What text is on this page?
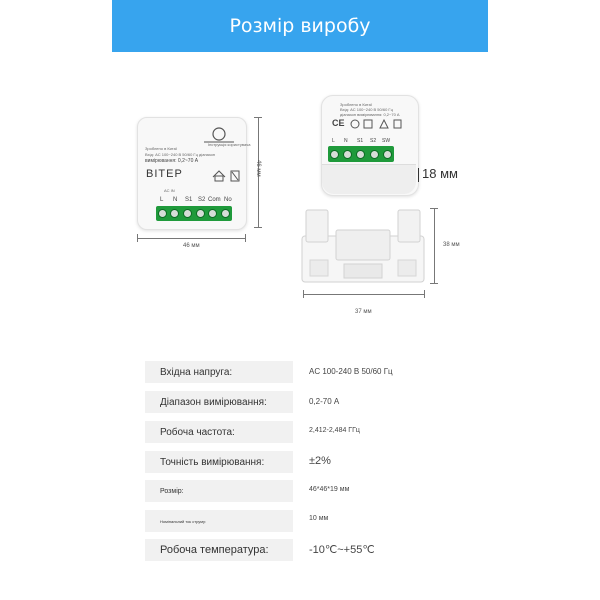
Розмір виробу
Зроблено в Китаї
Вхід: AC 100~240 В 50/60 Гц діапазон
вимірювання: 0,2~70 А
BITEP
Інструкція користувача
AC IN
L N S1 S2 Com No
46 мм
46 мм
Зроблено в Китаї
Вхід: AC 100~240 В 50/60 Гц
діапазон вимірювання: 0,2~70 А
CE
L N S1 S2 SW
18 мм
38 мм
37 мм
Вхідна напруга:	AC 100-240 В 50/60 Гц
Діапазон вимірювання:	0,2-70 А
Робоча частота:	2,412-2,484 ГГц
Точність вимірювання:	±2%
Розмір:	46*46*19 мм
Номінальний ток струму:	10 мм
Робоча температура:	-10℃~+55℃
